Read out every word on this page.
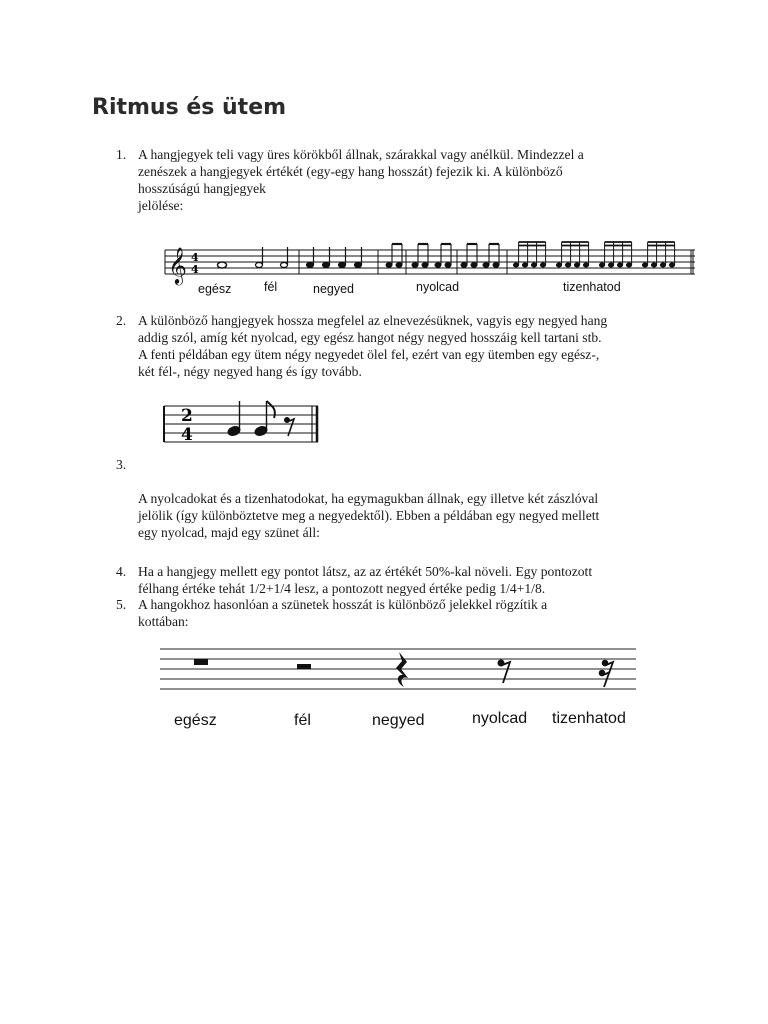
Ritmus és ütem
1. A hangjegyek teli vagy üres körökből állnak, szárakkal vagy anélkül. Mindezzel a

zenészek a hangjegyek értékét (egy-egy hang hosszát) fejezik ki. A különböző

hosszúságú hangjegyek

jelölése:

𝄞 4
4
egész	fél	negyed	nyolcad	tizenhatod
2. A különböző hangjegyek hossza megfelel az elnevezésüknek, vagyis egy negyed hang

addig szól, amíg két nyolcad, egy egész hangot négy negyed hosszáig kell tartani stb.

A fenti példában egy ütem négy negyedet ölel fel, ezért van egy ütemben egy egész-,

két fél-, négy negyed hang és így tovább.

2
4
3.

A nyolcadokat és a tizenhatodokat, ha egymagukban állnak, egy illetve két zászlóval

jelölik (így különböztetve meg a negyedektől). Ebben a példában egy negyed mellett

egy nyolcad, majd egy szünet áll:

4. Ha a hangjegy mellett egy pontot látsz, az az értékét 50%-kal növeli. Egy pontozott

félhang értéke tehát 1/2+1/4 lesz, a pontozott negyed értéke pedig 1/4+1/8.

5. A hangokhoz hasonlóan a szünetek hosszát is különböző jelekkel rögzítik a

kottában:

egész	fél	negyed	nyolcad tizenhatod
